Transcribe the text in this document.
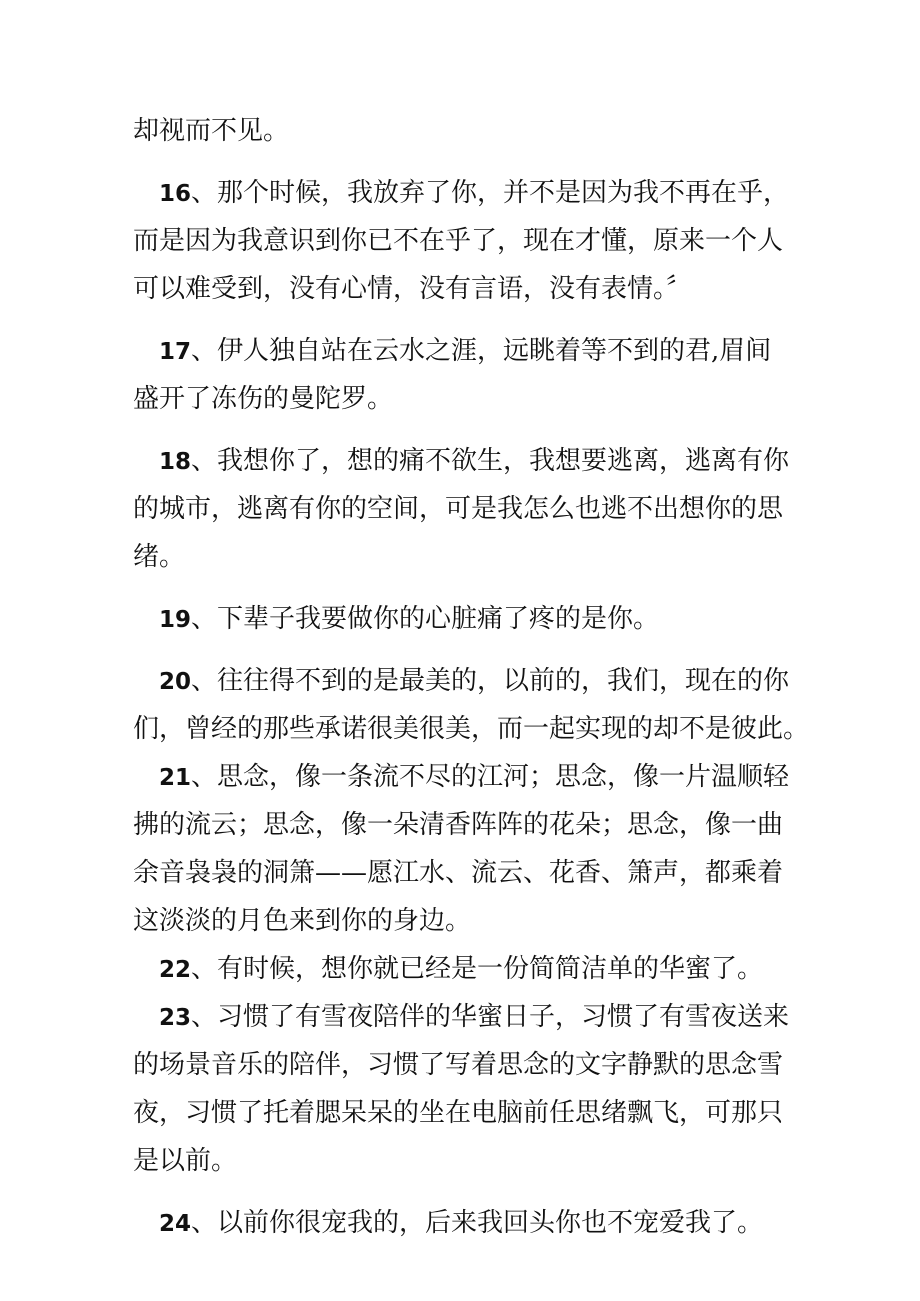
却视而不见。
16、那个时候，我放弃了你，并不是因为我不再在乎，
而是因为我意识到你已不在乎了，现在才懂，原来一个人
可以难受到，没有心情，没有言语，没有表情。〞
17、伊人独自站在云水之涯，远眺着等不到的君,眉间
盛开了冻伤的曼陀罗。
18、我想你了，想的痛不欲生，我想要逃离，逃离有你
的城市，逃离有你的空间，可是我怎么也逃不出想你的思
绪。
19、下辈子我要做你的心脏痛了疼的是你。
20、往往得不到的是最美的，以前的，我们，现在的你
们，曾经的那些承诺很美很美，而一起实现的却不是彼此。
21、思念，像一条流不尽的江河；思念，像一片温顺轻
拂的流云；思念，像一朵清香阵阵的花朵；思念，像一曲
余音袅袅的洞箫——愿江水、流云、花香、箫声，都乘着
这淡淡的月色来到你的身边。
22、有时候，想你就已经是一份简简洁单的华蜜了。
23、习惯了有雪夜陪伴的华蜜日子，习惯了有雪夜送来
的场景音乐的陪伴，习惯了写着思念的文字静默的思念雪
夜，习惯了托着腮呆呆的坐在电脑前任思绪飘飞，可那只
是以前。
24、以前你很宠我的，后来我回头你也不宠爱我了。
